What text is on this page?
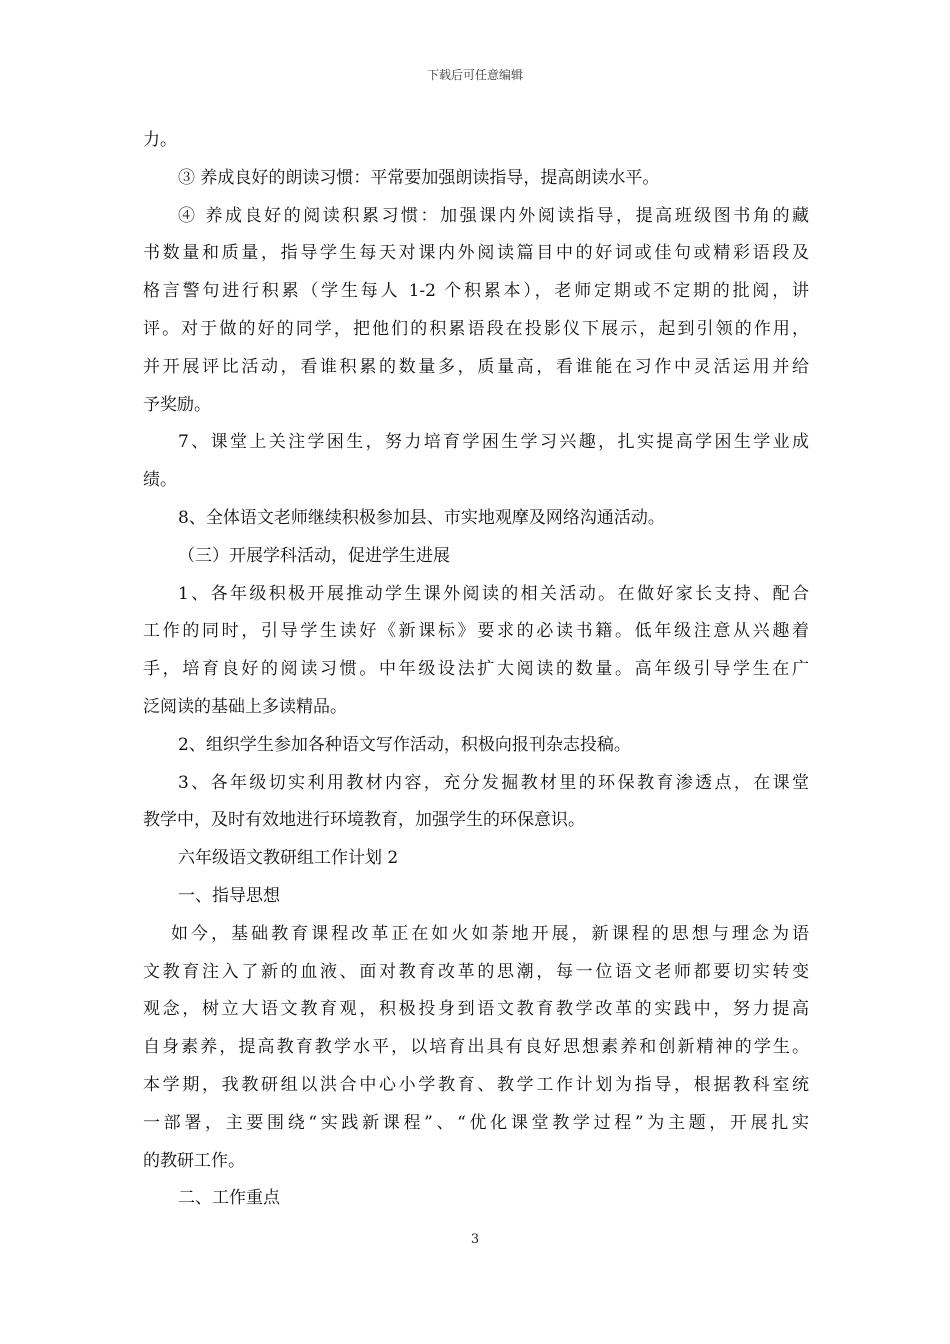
下载后可任意编辑
力。
③ 养成良好的朗读习惯：平常要加强朗读指导，提高朗读水平。
④ 养成良好的阅读积累习惯：加强课内外阅读指导，提高班级图书角的藏
书数量和质量，指导学生每天对课内外阅读篇目中的好词或佳句或精彩语段及
格言警句进行积累（学生每人 1-2 个积累本），老师定期或不定期的批阅，讲
评。对于做的好的同学，把他们的积累语段在投影仪下展示，起到引领的作用，
并开展评比活动，看谁积累的数量多，质量高，看谁能在习作中灵活运用并给
予奖励。
7、课堂上关注学困生，努力培育学困生学习兴趣，扎实提高学困生学业成
绩。
8、全体语文老师继续积极参加县、市实地观摩及网络沟通活动。
（三）开展学科活动，促进学生进展
1、各年级积极开展推动学生课外阅读的相关活动。在做好家长支持、配合
工作的同时，引导学生读好《新课标》要求的必读书籍。低年级注意从兴趣着
手，培育良好的阅读习惯。中年级设法扩大阅读的数量。高年级引导学生在广
泛阅读的基础上多读精品。
2、组织学生参加各种语文写作活动，积极向报刊杂志投稿。
3、各年级切实利用教材内容，充分发掘教材里的环保教育渗透点，在课堂
教学中，及时有效地进行环境教育，加强学生的环保意识。
六年级语文教研组工作计划 2
一、指导思想
如今，基础教育课程改革正在如火如荼地开展，新课程的思想与理念为语
文教育注入了新的血液、面对教育改革的思潮，每一位语文老师都要切实转变
观念，树立大语文教育观，积极投身到语文教育教学改革的实践中，努力提高
自身素养，提高教育教学水平，以培育出具有良好思想素养和创新精神的学生。
本学期，我教研组以洪合中心小学教育、教学工作计划为指导，根据教科室统
一部署，主要围绕“实践新课程”、“优化课堂教学过程”为主题，开展扎实
的教研工作。
二、工作重点
3
